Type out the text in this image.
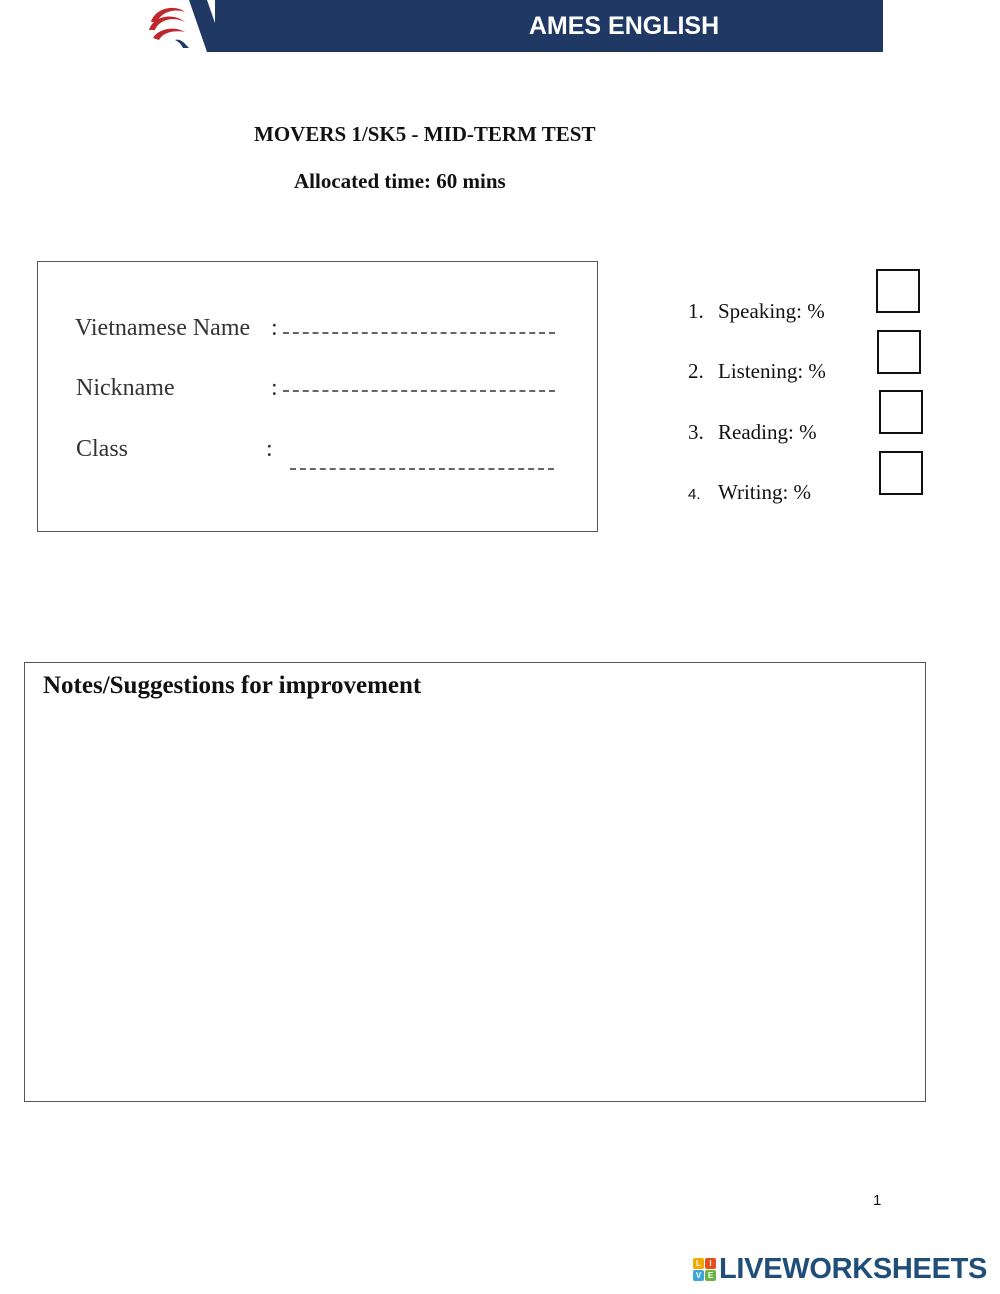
AMES ENGLISH
MOVERS 1/SK5 - MID-TERM TEST
Allocated time: 60 mins
Vietnamese Name :
Nickname	:
Class	:
1. Speaking: %
2. Listening: %
3. Reading: %
4. Writing: %
Notes/Suggestions for improvement
1
L	I
V E LIVEWORKSHEETS
